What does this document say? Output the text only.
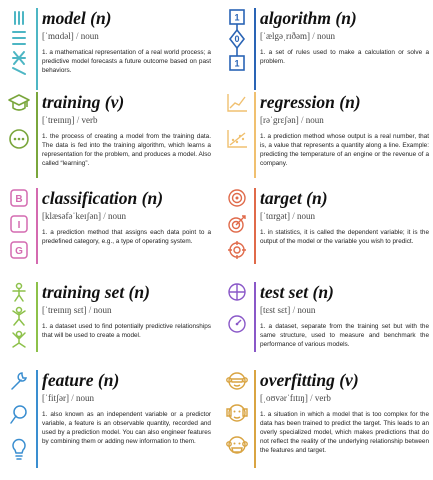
model (n)
[ˈmɑdəl] / noun
1. a mathematical representation of a real world process; a predictive model forecasts a future outcome based on past behaviors.
1
0
1
algorithm (n)
[ˈælgəˌrɪðəm] / noun
1. a set of rules used to make a calculation or solve a problem.
training (v)
[ˈtreɪnɪŋ] / verb
1. the process of creating a model from the training data. The data is fed into the training algorithm, which learns a representation for the problem, and produces a model. Also called “learning”.
regression (n)
[rəˈgrɛʃən] / noun
1. a prediction method whose output is a real number, that is, a value that represents a quantity along a line. Example: predicting the temperature of an engine or the revenue of a company.
B
I
G
classification (n)
[klæsəfəˈkeɪʃən] / noun
1. a prediction method that assigns each data point to a predefined category, e.g., a type of operating system.
target (n)
[ˈtɑrgət] / noun
1. in statistics, it is called the dependent variable; it is the output of the model or the variable you wish to predict.
training set (n)
[ˈtreɪnɪŋ sɛt] / noun
1. a dataset used to find potentially predictive relationships that will be used to create a model.
test set (n)
[tɛst sɛt] / noun
1. a dataset, separate from the training set but with the same structure, used to measure and benchmark the performance of various models.
feature (n)
[ˈfitʃər] / noun
1. also known as an independent variable or a predictor variable, a feature is an observable quantity, recorded and used by a prediction model. You can also engineer features by combining them or adding new information to them.
overfitting (v)
[ˌoʊvərˈfɪtɪŋ] / verb
1. a situation in which a model that is too complex for the data has been trained to predict the target. This leads to an overly specialized model, which makes predictions that do not reflect the reality of the underlying relationship between the features and target.
